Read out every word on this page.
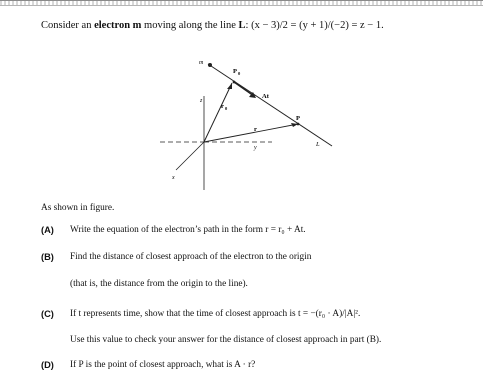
Consider an electron m moving along the line L: (x − 3)/2 = (y + 1)/(−2) = z − 1.
m
P 0
At
z
r 0
r
P
L
y
x
As shown in figure.
(A) Write the equation of the electron’s path in the form r = r₀ + At.
(B) Find the distance of closest approach of the electron to the origin
(that is, the distance from the origin to the line).
(C) If t represents time, show that the time of closest approach is t = −(r₀ · A)/|A|².
Use this value to check your answer for the distance of closest approach in part (B).
(D) If P is the point of closest approach, what is A · r?
